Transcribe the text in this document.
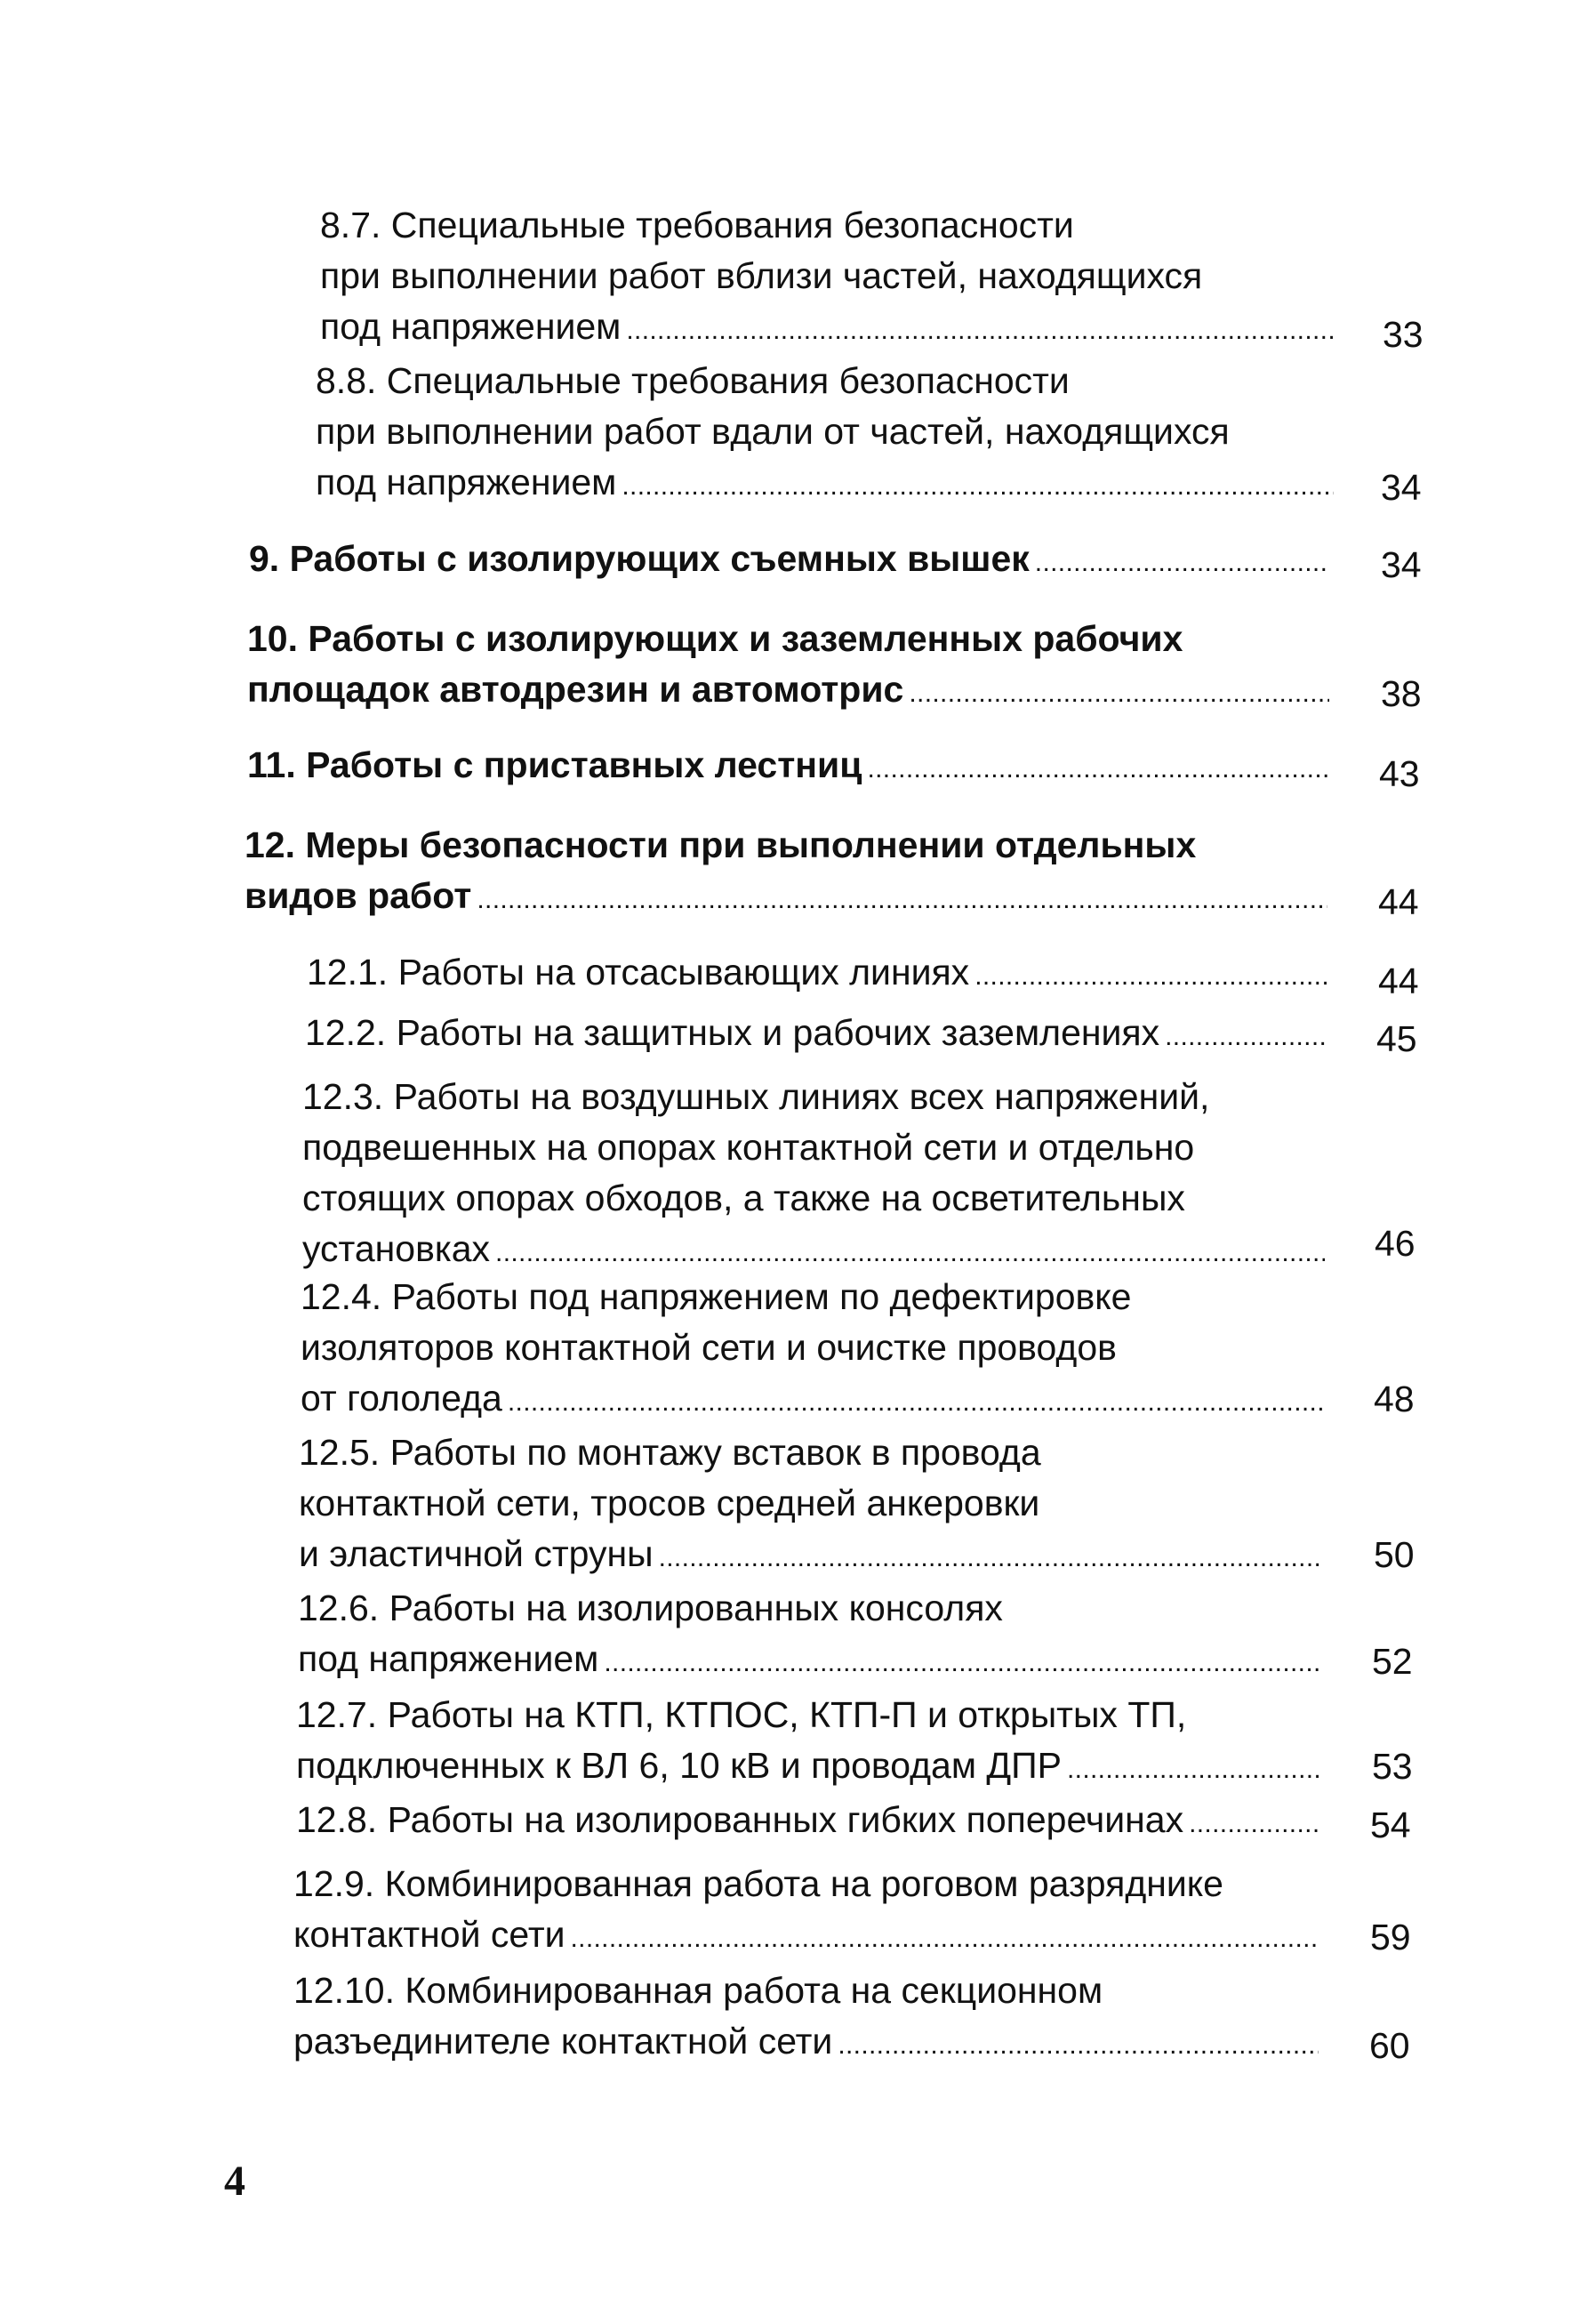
8.7. Специальные требования безопасности
при выполнении работ вблизи частей, находящихся
под напряжением . . .	33
8.8. Специальные требования безопасности
при выполнении работ вдали от частей, находящихся
под напряжением . . .	34
9. Работы с изолирующих съемных вышек . . .	34
10. Работы с изолирующих и заземленных рабочих
площадок автодрезин и автомотрис . . .	38
11. Работы с приставных лестниц . . .	43
12. Меры безопасности при выполнении отдельных
видов работ . . .	44
12.1. Работы на отсасывающих линиях . . .	44
12.2. Работы на защитных и рабочих заземлениях . . .	45
12.3. Работы на воздушных линиях всех напряжений,
подвешенных на опорах контактной сети и отдельно
стоящих опорах обходов, а также на осветительных
установках . . .	46
12.4. Работы под напряжением по дефектировке
изоляторов контактной сети и очистке проводов
от гололеда . . .	48
12.5. Работы по монтажу вставок в провода
контактной сети, тросов средней анкеровки
и эластичной струны . . .	50
12.6. Работы на изолированных консолях
под напряжением . . .	52
12.7. Работы на КТП, КТПОС, КТП-П и открытых ТП,
подключенных к ВЛ 6, 10 кВ и проводам ДПР . . .	53
12.8. Работы на изолированных гибких поперечинах . . .	54
12.9. Комбинированная работа на роговом разряднике
контактной сети . . .	59
12.10. Комбинированная работа на секционном
разъединителе контактной сети . . .	60
4
